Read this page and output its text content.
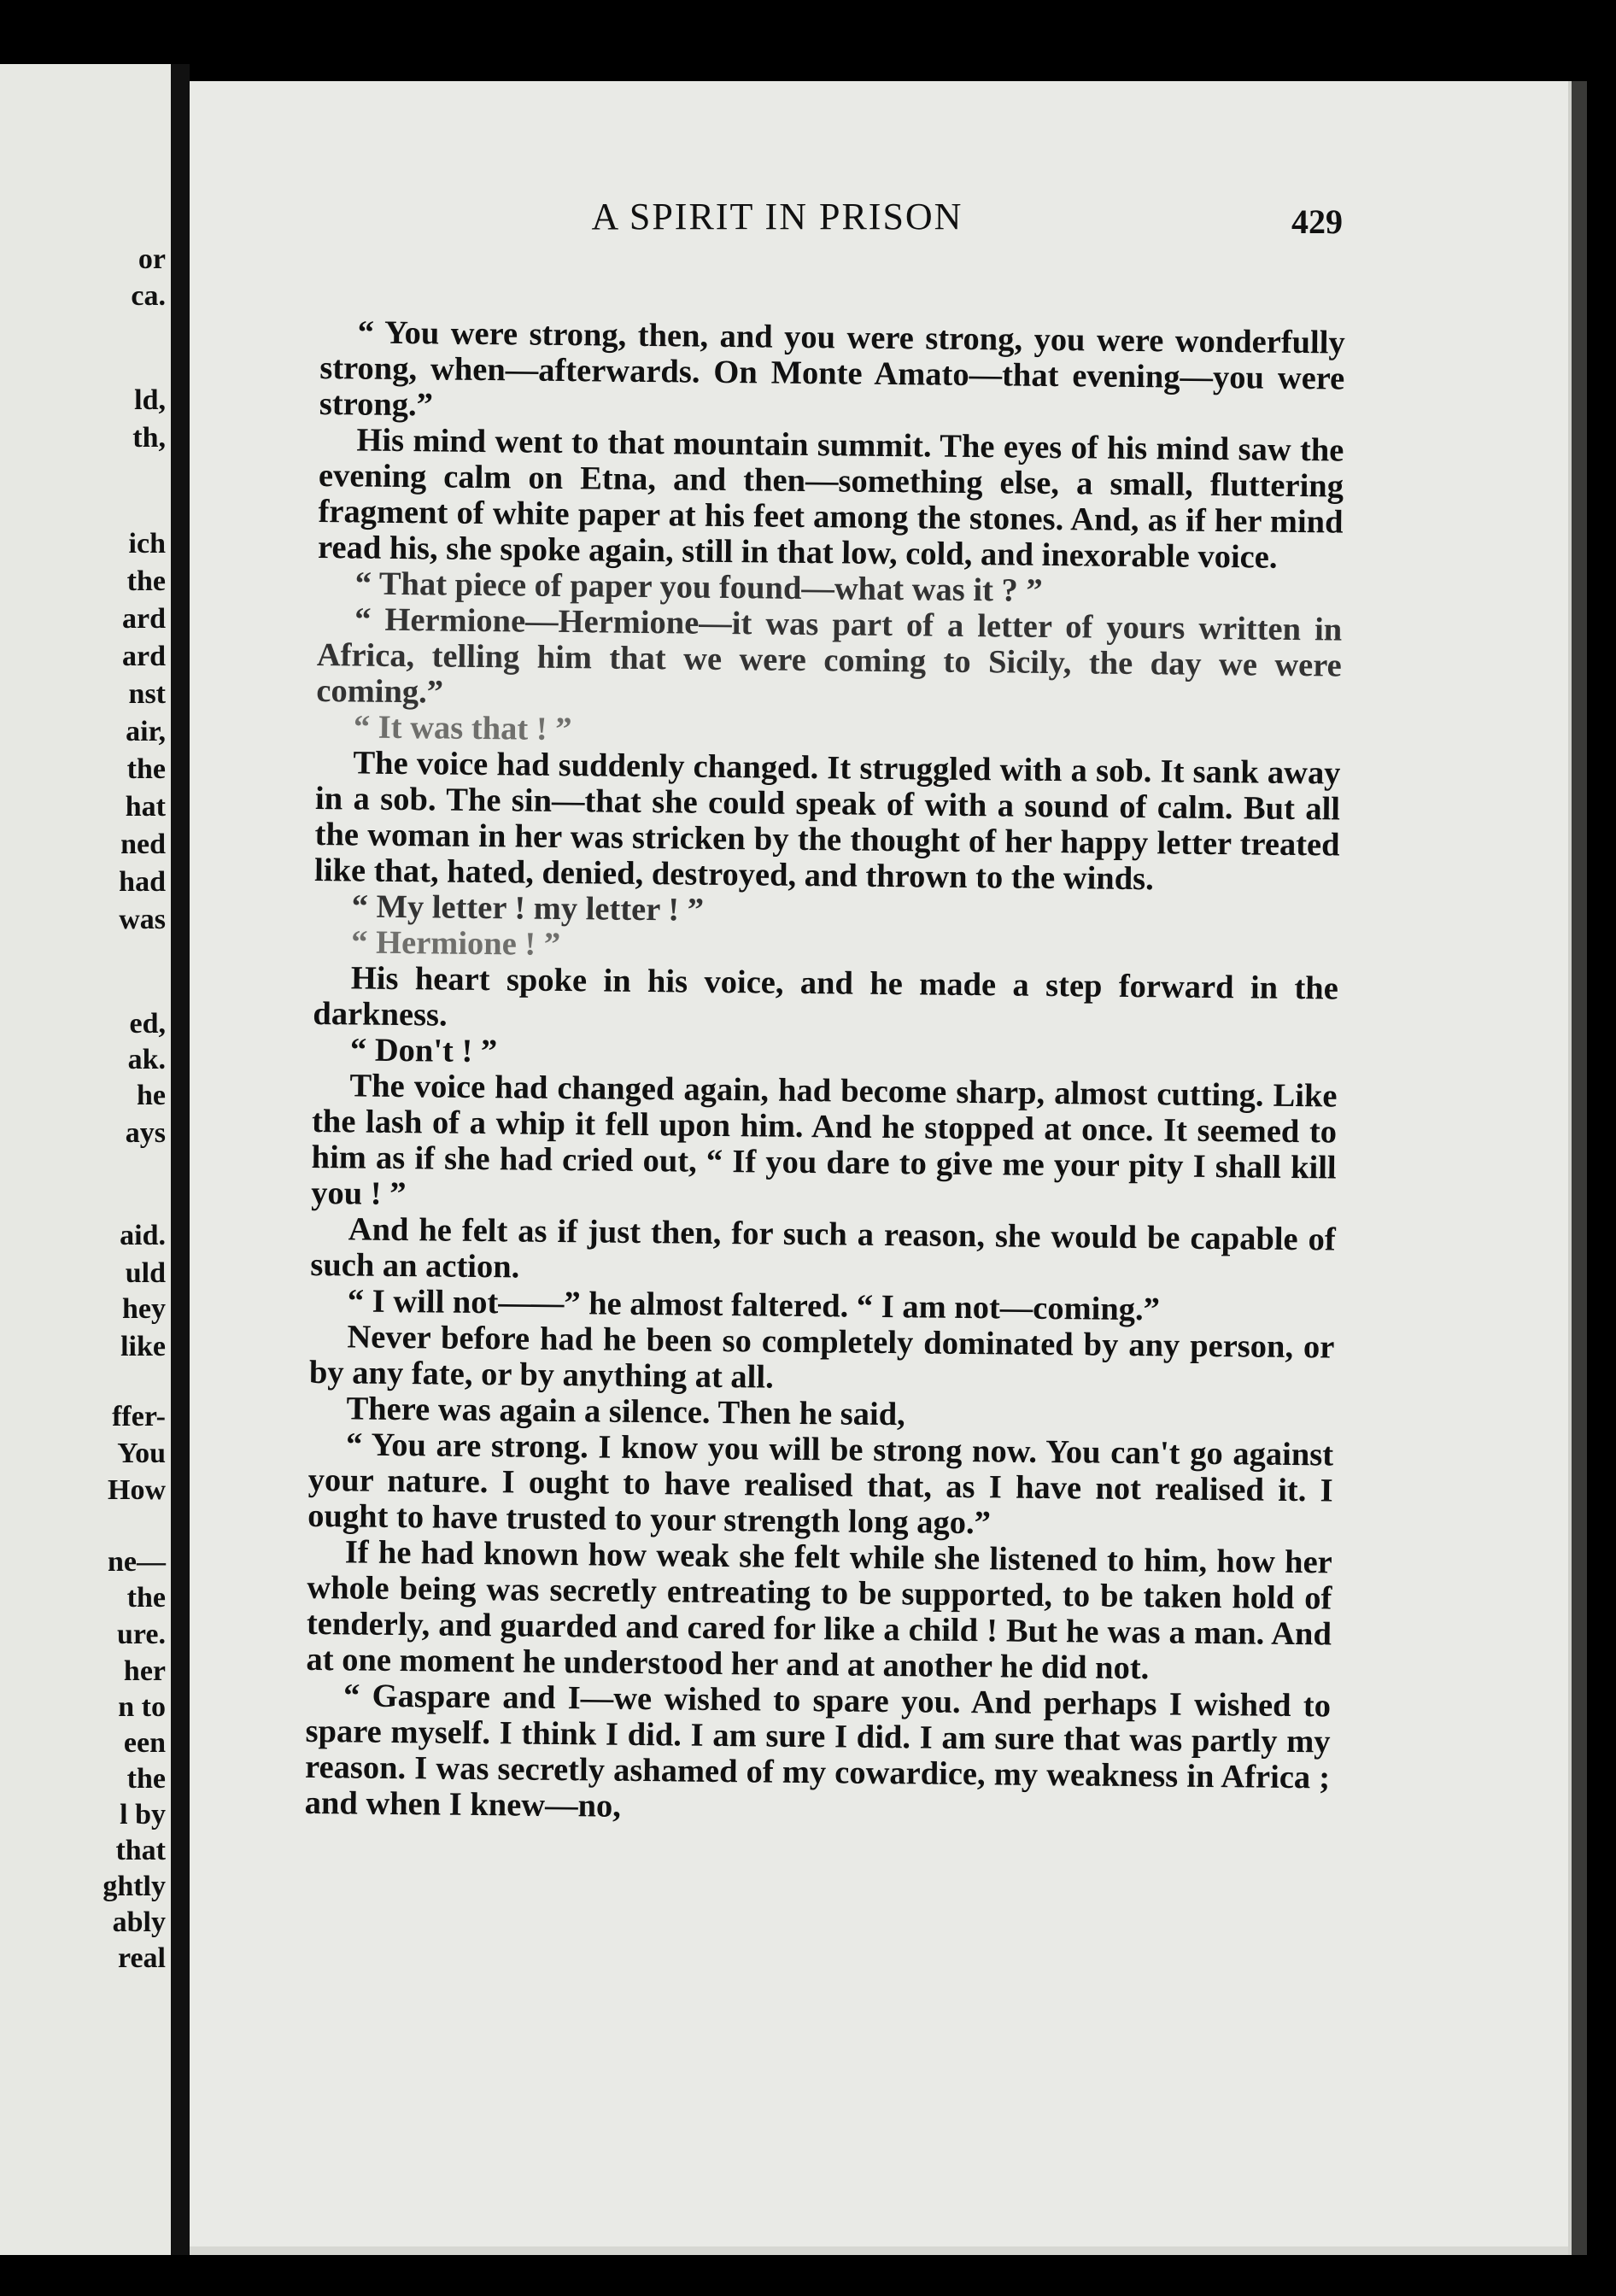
or
ca.
ld,
th,
ich
the
ard
ard
nst
air,
the
hat
ned
had
was
ed,
ak.
he
ays
aid.
uld
hey
like
ffer-
You
How
ne—
the
ure.
her
n to
een
the
l by
that
ghtly
ably
real
A SPIRIT IN PRISON	429

“ You were strong, then, and you were strong, you were wonderfully strong, when—afterwards. On Monte Amato—that evening—you were strong.”

His mind went to that mountain summit. The eyes of his mind saw the evening calm on Etna, and then—something else, a small, fluttering fragment of white paper at his feet among the stones. And, as if her mind read his, she spoke again, still in that low, cold, and inexorable voice.

“ That piece of paper you found—what was it ? ”

“ Hermione—Hermione—it was part of a letter of yours written in Africa, telling him that we were coming to Sicily, the day we were coming.”

“ It was that ! ”

The voice had suddenly changed. It struggled with a sob. It sank away in a sob. The sin—that she could speak of with a sound of calm. But all the woman in her was stricken by the thought of her happy letter treated like that, hated, denied, destroyed, and thrown to the winds.

“ My letter ! my letter ! ”

“ Hermione ! ”

His heart spoke in his voice, and he made a step forward in the darkness.

“ Don't ! ”

The voice had changed again, had become sharp, almost cutting. Like the lash of a whip it fell upon him. And he stopped at once. It seemed to him as if she had cried out, “ If you dare to give me your pity I shall kill you ! ”

And he felt as if just then, for such a reason, she would be capable of such an action.

“ I will not——” he almost faltered. “ I am not—coming.”

Never before had he been so completely dominated by any person, or by any fate, or by anything at all.

There was again a silence. Then he said,

“ You are strong. I know you will be strong now. You can't go against your nature. I ought to have realised that, as I have not realised it. I ought to have trusted to your strength long ago.”

If he had known how weak she felt while she listened to him, how her whole being was secretly entreating to be supported, to be taken hold of tenderly, and guarded and cared for like a child ! But he was a man. And at one moment he understood her and at another he did not.

“ Gaspare and I—we wished to spare you. And perhaps I wished to spare myself. I think I did. I am sure I did. I am sure that was partly my reason. I was secretly ashamed of my cowardice, my weakness in Africa ; and when I knew—no,
